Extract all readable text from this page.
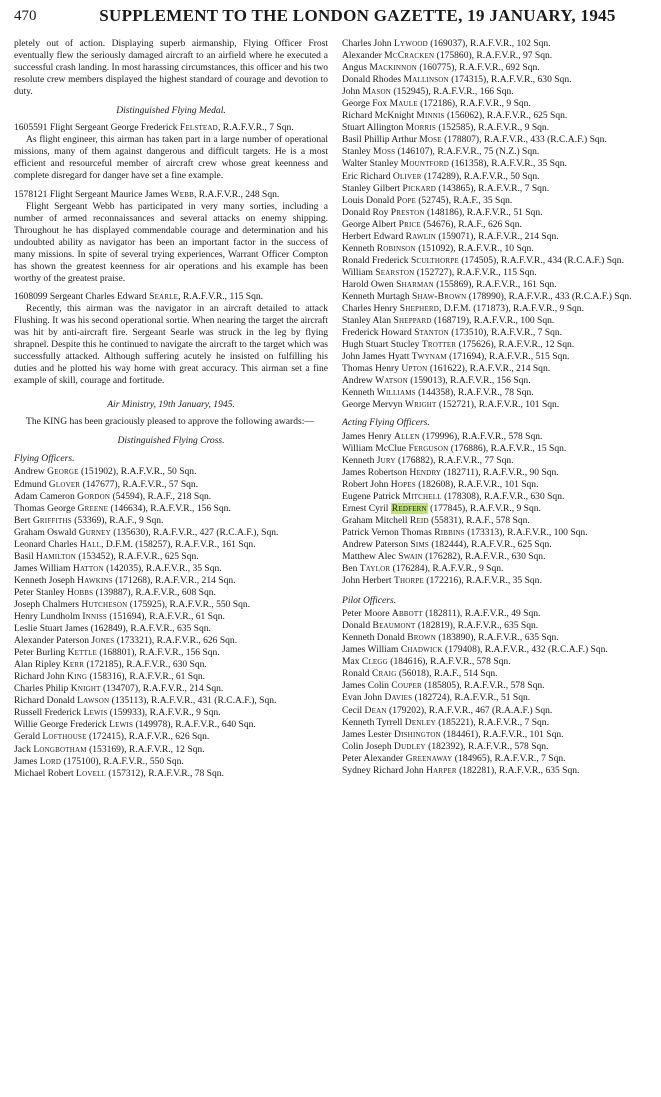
470	SUPPLEMENT TO THE LONDON GAZETTE, 19 JANUARY, 1945

pletely out of action. Displaying superb airmanship, Flying Officer Frost eventually flew the seriously damaged aircraft to an airfield where he executed a successful crash landing. In most harassing circumstances, this officer and his two resolute crew members displayed the highest standard of courage and devotion to duty.

Distinguished Flying Medal.

1605591 Flight Sergeant George Frederick Felstead, R.A.F.V.R., 7 Sqn.

As flight engineer, this airman has taken part in a large number of operational missions, many of them against dangerous and difficult targets. He is a most efficient and resourceful member of aircraft crew whose great keenness and complete disregard for danger have set a fine example.

1578121 Flight Sergeant Maurice James Webb, R.A.F.V.R., 248 Sqn.

Flight Sergeant Webb has participated in very many sorties, including a number of armed reconnaissances and several attacks on enemy shipping. Throughout he has displayed commendable courage and determination and his undoubted ability as navigator has been an important factor in the success of many missions. In spite of several trying experiences, Warrant Officer Compton has shown the greatest keenness for air operations and his example has been worthy of the greatest praise.

1608099 Sergeant Charles Edward Searle, R.A.F.V.R., 115 Sqn.

Recently, this airman was the navigator in an aircraft detailed to attack Flushing. It was his second operational sortie. When nearing the target the aircraft was hit by anti-aircraft fire. Sergeant Searle was struck in the leg by flying shrapnel. Despite this he continued to navigate the aircraft to the target which was successfully attacked. Although suffering acutely he insisted on fulfilling his duties and he plotted his way home with great accuracy. This airman set a fine example of skill, courage and fortitude.

Air Ministry, 19th January, 1945.

The KING has been graciously pleased to approve the following awards:—

Distinguished Flying Cross.
Flying Officers.

Andrew George (151902), R.A.F.V.R., 50 Sqn.

Edmund Glover (147677), R.A.F.V.R., 57 Sqn.

Adam Cameron Gordon (54594), R.A.F., 218 Sqn.

Thomas George Greene (146634), R.A.F.V.R., 156 Sqn.

Bert Griffiths (53369), R.A.F., 9 Sqn.

Graham Oswald Gurney (135630), R.A.F.V.R., 427 (R.C.A.F.), Sqn.

Leonard Charles Hall, D.F.M. (158257), R.A.F.V.R., 161 Sqn.

Basil Hamilton (153452), R.A.F.V.R., 625 Sqn.

James William Hatton (142035), R.A.F.V.R., 35 Sqn.

Kenneth Joseph Hawkins (171268), R.A.F.V.R., 214 Sqn.

Peter Stanley Hobbs (139887), R.A.F.V.R., 608 Sqn.

Joseph Chalmers Hutcheson (175925), R.A.F.V.R., 550 Sqn.

Henry Lundholm Inniss (151694), R.A.F.V.R., 61 Sqn.

Leslie Stuart James (162849), R.A.F.V.R., 635 Sqn.

Alexander Paterson Jones (173321), R.A.F.V.R., 626 Sqn.

Peter Burling Kettle (168801), R.A.F.V.R., 156 Sqn.

Alan Ripley Kerr (172185), R.A.F.V.R., 630 Sqn.

Richard John King (158316), R.A.F.V.R., 61 Sqn.

Charles Philip Knight (134707), R.A.F.V.R., 214 Sqn.

Richard Donald Lawson (135113), R.A.F.V.R., 431 (R.C.A.F.), Sqn.

Russell Frederick Lewis (159933), R.A.F.V.R., 9 Sqn.

Willie George Frederick Lewis (149978), R.A.F.V.R., 640 Sqn.

Gerald Lofthouse (172415), R.A.F.V.R., 626 Sqn.

Jack Longbotham (153169), R.A.F.V.R., 12 Sqn.

James Lord (175100), R.A.F.V.R., 550 Sqn.

Michael Robert Lovell (157312), R.A.F.V.R., 78 Sqn.

Charles John Lywood (169037), R.A.F.V.R., 102 Sqn.

Alexander McCracken (175860), R.A.F.V.R., 97 Sqn.

Angus Mackinnon (160775), R.A.F.V.R., 692 Sqn.

Donald Rhodes Mallinson (174315), R.A.F.V.R., 630 Sqn.

John Mason (152945), R.A.F.V.R., 166 Sqn.

George Fox Maule (172186), R.A.F.V.R., 9 Sqn.

Richard McKnight Minnis (156062), R.A.F.V.R., 625 Sqn.

Stuart Allington Morris (152585), R.A.F.V.R., 9 Sqn.

Basil Phillip Arthur Mose (178807), R.A.F.V.R., 433 (R.C.A.F.) Sqn.

Stanley Moss (146107), R.A.F.V.R., 75 (N.Z.) Sqn.

Walter Stanley Mountford (161358), R.A.F.V.R., 35 Sqn.

Eric Richard Oliver (174289), R.A.F.V.R., 50 Sqn.

Stanley Gilbert Pickard (143865), R.A.F.V.R., 7 Sqn.

Louis Donald Pope (52745), R.A.F., 35 Sqn.

Donald Roy Preston (148186), R.A.F.V.R., 51 Sqn.

George Albert Price (54676), R.A.F., 626 Sqn.

Herbert Edward Rawlin (159071), R.A.F.V.R., 214 Sqn.

Kenneth Robinson (151092), R.A.F.V.R., 10 Sqn.

Ronald Frederick Sculthorpe (174505), R.A.F.V.R., 434 (R.C.A.F.) Sqn.

William Searston (152727), R.A.F.V.R., 115 Sqn.

Harold Owen Sharman (155869), R.A.F.V.R., 161 Sqn.

Kenneth Murtagh Shaw-Brown (178990), R.A.F.V.R., 433 (R.C.A.F.) Sqn.

Charles Henry Shepherd, D.F.M. (171873), R.A.F.V.R., 9 Sqn.

Stanley Alan Sheppard (168719), R.A.F.V.R., 100 Sqn.

Frederick Howard Stanton (173510), R.A.F.V.R., 7 Sqn.

Hugh Stuart Stucley Trotter (175626), R.A.F.V.R., 12 Sqn.

John James Hyatt Twynam (171694), R.A.F.V.R., 515 Sqn.

Thomas Henry Upton (161622), R.A.F.V.R., 214 Sqn.

Andrew Watson (159013), R.A.F.V.R., 156 Sqn.

Kenneth Williams (144358), R.A.F.V.R., 78 Sqn.

George Mervyn Wright (152721), R.A.F.V.R., 101 Sqn.

Acting Flying Officers.

James Henry Allen (179996), R.A.F.V.R., 578 Sqn.

William McClue Ferguson (176886), R.A.F.V.R., 15 Sqn.

Kenneth Jury (176882), R.A.F.V.R., 77 Sqn.

James Robertson Hendry (182711), R.A.F.V.R., 90 Sqn.

Robert John Hopes (182608), R.A.F.V.R., 101 Sqn.

Eugene Patrick Mitchell (178308), R.A.F.V.R., 630 Sqn.

Ernest Cyril Redfern (177845), R.A.F.V.R., 9 Sqn.

Graham Mitchell Reid (55831), R.A.F., 578 Sqn.

Patrick Vernon Thomas Ribbins (173313), R.A.F.V.R., 100 Sqn.

Andrew Paterson Sims (182444), R.A.F.V.R., 625 Sqn.

Matthew Alec Swain (176282), R.A.F.V.R., 630 Sqn.

Ben Taylor (176284), R.A.F.V.R., 9 Sqn.

John Herbert Thorpe (172216), R.A.F.V.R., 35 Sqn.

Pilot Officers.

Peter Moore Abbott (182811), R.A.F.V.R., 49 Sqn.

Donald Beaumont (182819), R.A.F.V.R., 635 Sqn.

Kenneth Donald Brown (183890), R.A.F.V.R., 635 Sqn.

James William Chadwick (179408), R.A.F.V.R., 432 (R.C.A.F.) Sqn.

Max Clegg (184616), R.A.F.V.R., 578 Sqn.

Ronald Craig (56018), R.A.F., 514 Sqn.

James Colin Couper (185805), R.A.F.V.R., 578 Sqn.

Evan John Davies (182724), R.A.F.V.R., 51 Sqn.

Cecil Dean (179202), R.A.F.V.R., 467 (R.A.A.F.) Sqn.

Kenneth Tyrrell Denley (185221), R.A.F.V.R., 7 Sqn.

James Lester Dishington (184461), R.A.F.V.R., 101 Sqn.

Colin Joseph Dudley (182392), R.A.F.V.R., 578 Sqn.

Peter Alexander Greenaway (184965), R.A.F.V.R., 7 Sqn.

Sydney Richard John Harper (182281), R.A.F.V.R., 635 Sqn.
